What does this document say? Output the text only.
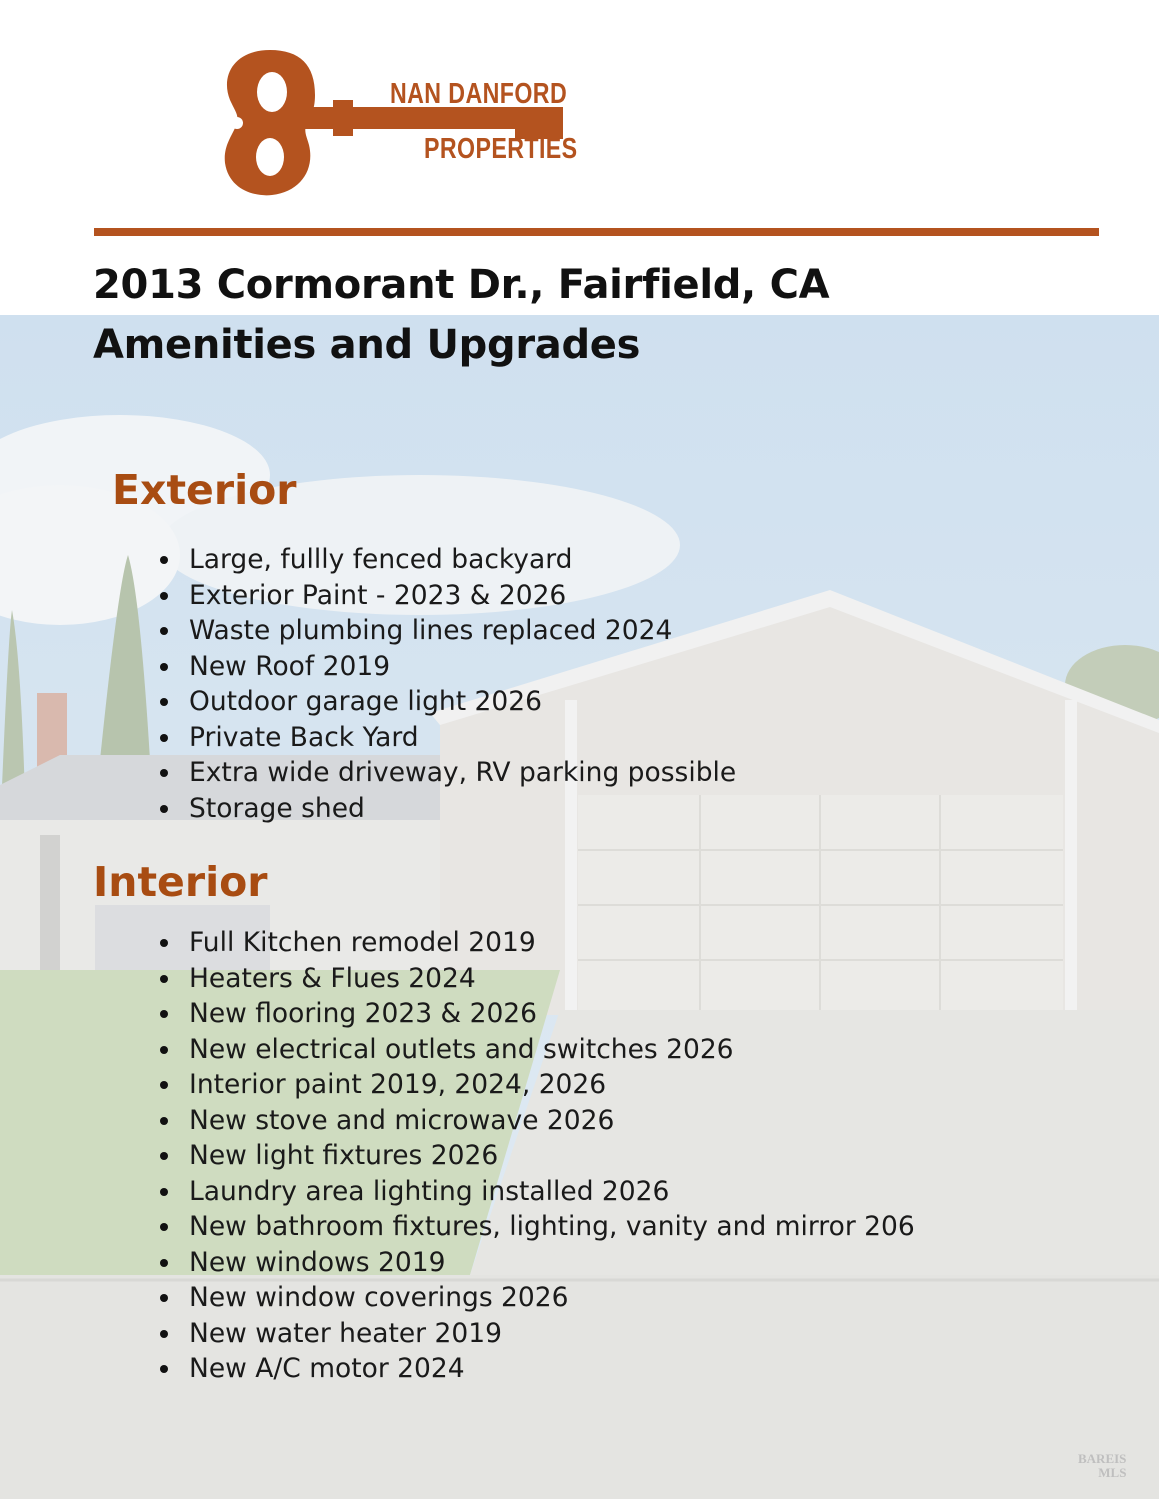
NAN DANFORD
PROPERTIES
2013 Cormorant Dr., Fairfield, CA
Amenities and Upgrades
Exterior
Large, fullly fenced backyard
Exterior Paint - 2023 & 2026
Waste plumbing lines replaced 2024
New Roof 2019
Outdoor garage light 2026
Private Back Yard
Extra wide driveway, RV parking possible
Storage shed
Interior
Full Kitchen remodel 2019
Heaters & Flues 2024
New flooring 2023 & 2026
New electrical outlets and switches 2026
Interior paint 2019, 2024, 2026
New stove and microwave 2026
New light fixtures 2026
Laundry area lighting installed 2026
New bathroom fixtures, lighting, vanity and mirror 206
New windows 2019
New window coverings 2026
New water heater 2019
New A/C motor 2024
BAREIS
MLS
